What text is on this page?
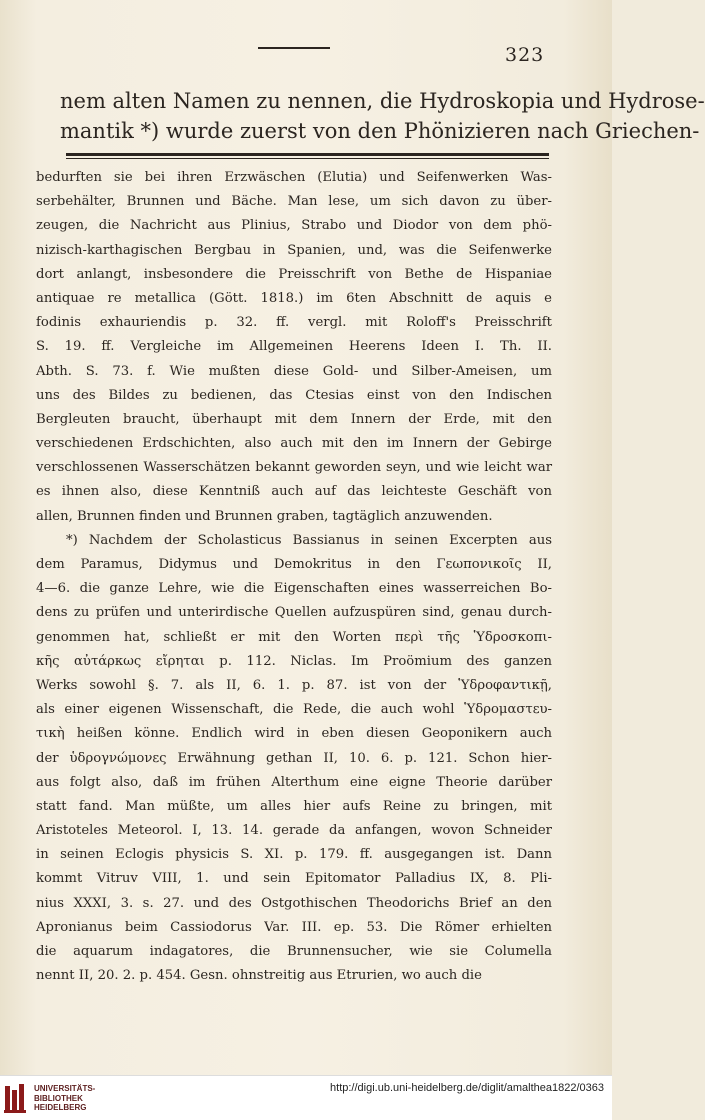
323
nem alten Namen zu nennen, die Hydroskopia und Hydrose-
mantik *) wurde zuerst von den Phönizieren nach Griechen-
bedurften sie bei ihren Erzwäschen (Elutia) und Seifenwerken Was-
serbehälter, Brunnen und Bäche. Man lese, um sich davon zu über-
zeugen, die Nachricht aus Plinius, Strabo und Diodor von dem phö-
nizisch-karthagischen Bergbau in Spanien, und, was die Seifenwerke
dort anlangt, insbesondere die Preisschrift von Bethe de Hispaniae
antiquae re metallica (Gött. 1818.) im 6ten Abschnitt de aquis e
fodinis exhauriendis p. 32. ff. vergl. mit Roloff's Preisschrift
S. 19. ff. Vergleiche im Allgemeinen Heerens Ideen I. Th. II.
Abth. S. 73. f. Wie mußten diese Gold- und Silber-Ameisen, um
uns des Bildes zu bedienen, das Ctesias einst von den Indischen
Bergleuten braucht, überhaupt mit dem Innern der Erde, mit den
verschiedenen Erdschichten, also auch mit den im Innern der Gebirge
verschlossenen Wasserschätzen bekannt geworden seyn, und wie leicht war
es ihnen also, diese Kenntniß auch auf das leichteste Geschäft von
allen, Brunnen finden und Brunnen graben, tagtäglich anzuwenden.
*) Nachdem der Scholasticus Bassianus in seinen Excerpten aus
dem Paramus, Didymus und Demokritus in den Γεωπονικοῖς II,
4—6. die ganze Lehre, wie die Eigenschaften eines wasserreichen Bo-
dens zu prüfen und unterirdische Quellen aufzuspüren sind, genau durch-
genommen hat, schließt er mit den Worten περὶ τῆς Ὑδροσκοπι-
κῆς αὐτάρκως εἴρηται p. 112. Niclas. Im Proömium des ganzen
Werks sowohl §. 7. als II, 6. 1. p. 87. ist von der Ὑδροφαντικῇ,
als einer eigenen Wissenschaft, die Rede, die auch wohl Ὑδρομαστευ-
τικὴ heißen könne. Endlich wird in eben diesen Geoponikern auch
der ὑδρογνώμονες Erwähnung gethan II, 10. 6. p. 121. Schon hier-
aus folgt also, daß im frühen Alterthum eine eigne Theorie darüber
statt fand. Man müßte, um alles hier aufs Reine zu bringen, mit
Aristoteles Meteorol. I, 13. 14. gerade da anfangen, wovon Schneider
in seinen Eclogis physicis S. XI. p. 179. ff. ausgegangen ist. Dann
kommt Vitruv VIII, 1. und sein Epitomator Palladius IX, 8. Pli-
nius XXXI, 3. s. 27. und des Ostgothischen Theodorichs Brief an den
Apronianus beim Cassiodorus Var. III. ep. 53. Die Römer erhielten
die aquarum indagatores, die Brunnensucher, wie sie Columella
nennt II, 20. 2. p. 454. Gesn. ohnstreitig aus Etrurien, wo auch die
UNIVERSITÄTS-
BIBLIOTHEK
HEIDELBERG
http://digi.ub.uni-heidelberg.de/diglit/amalthea1822/0363
